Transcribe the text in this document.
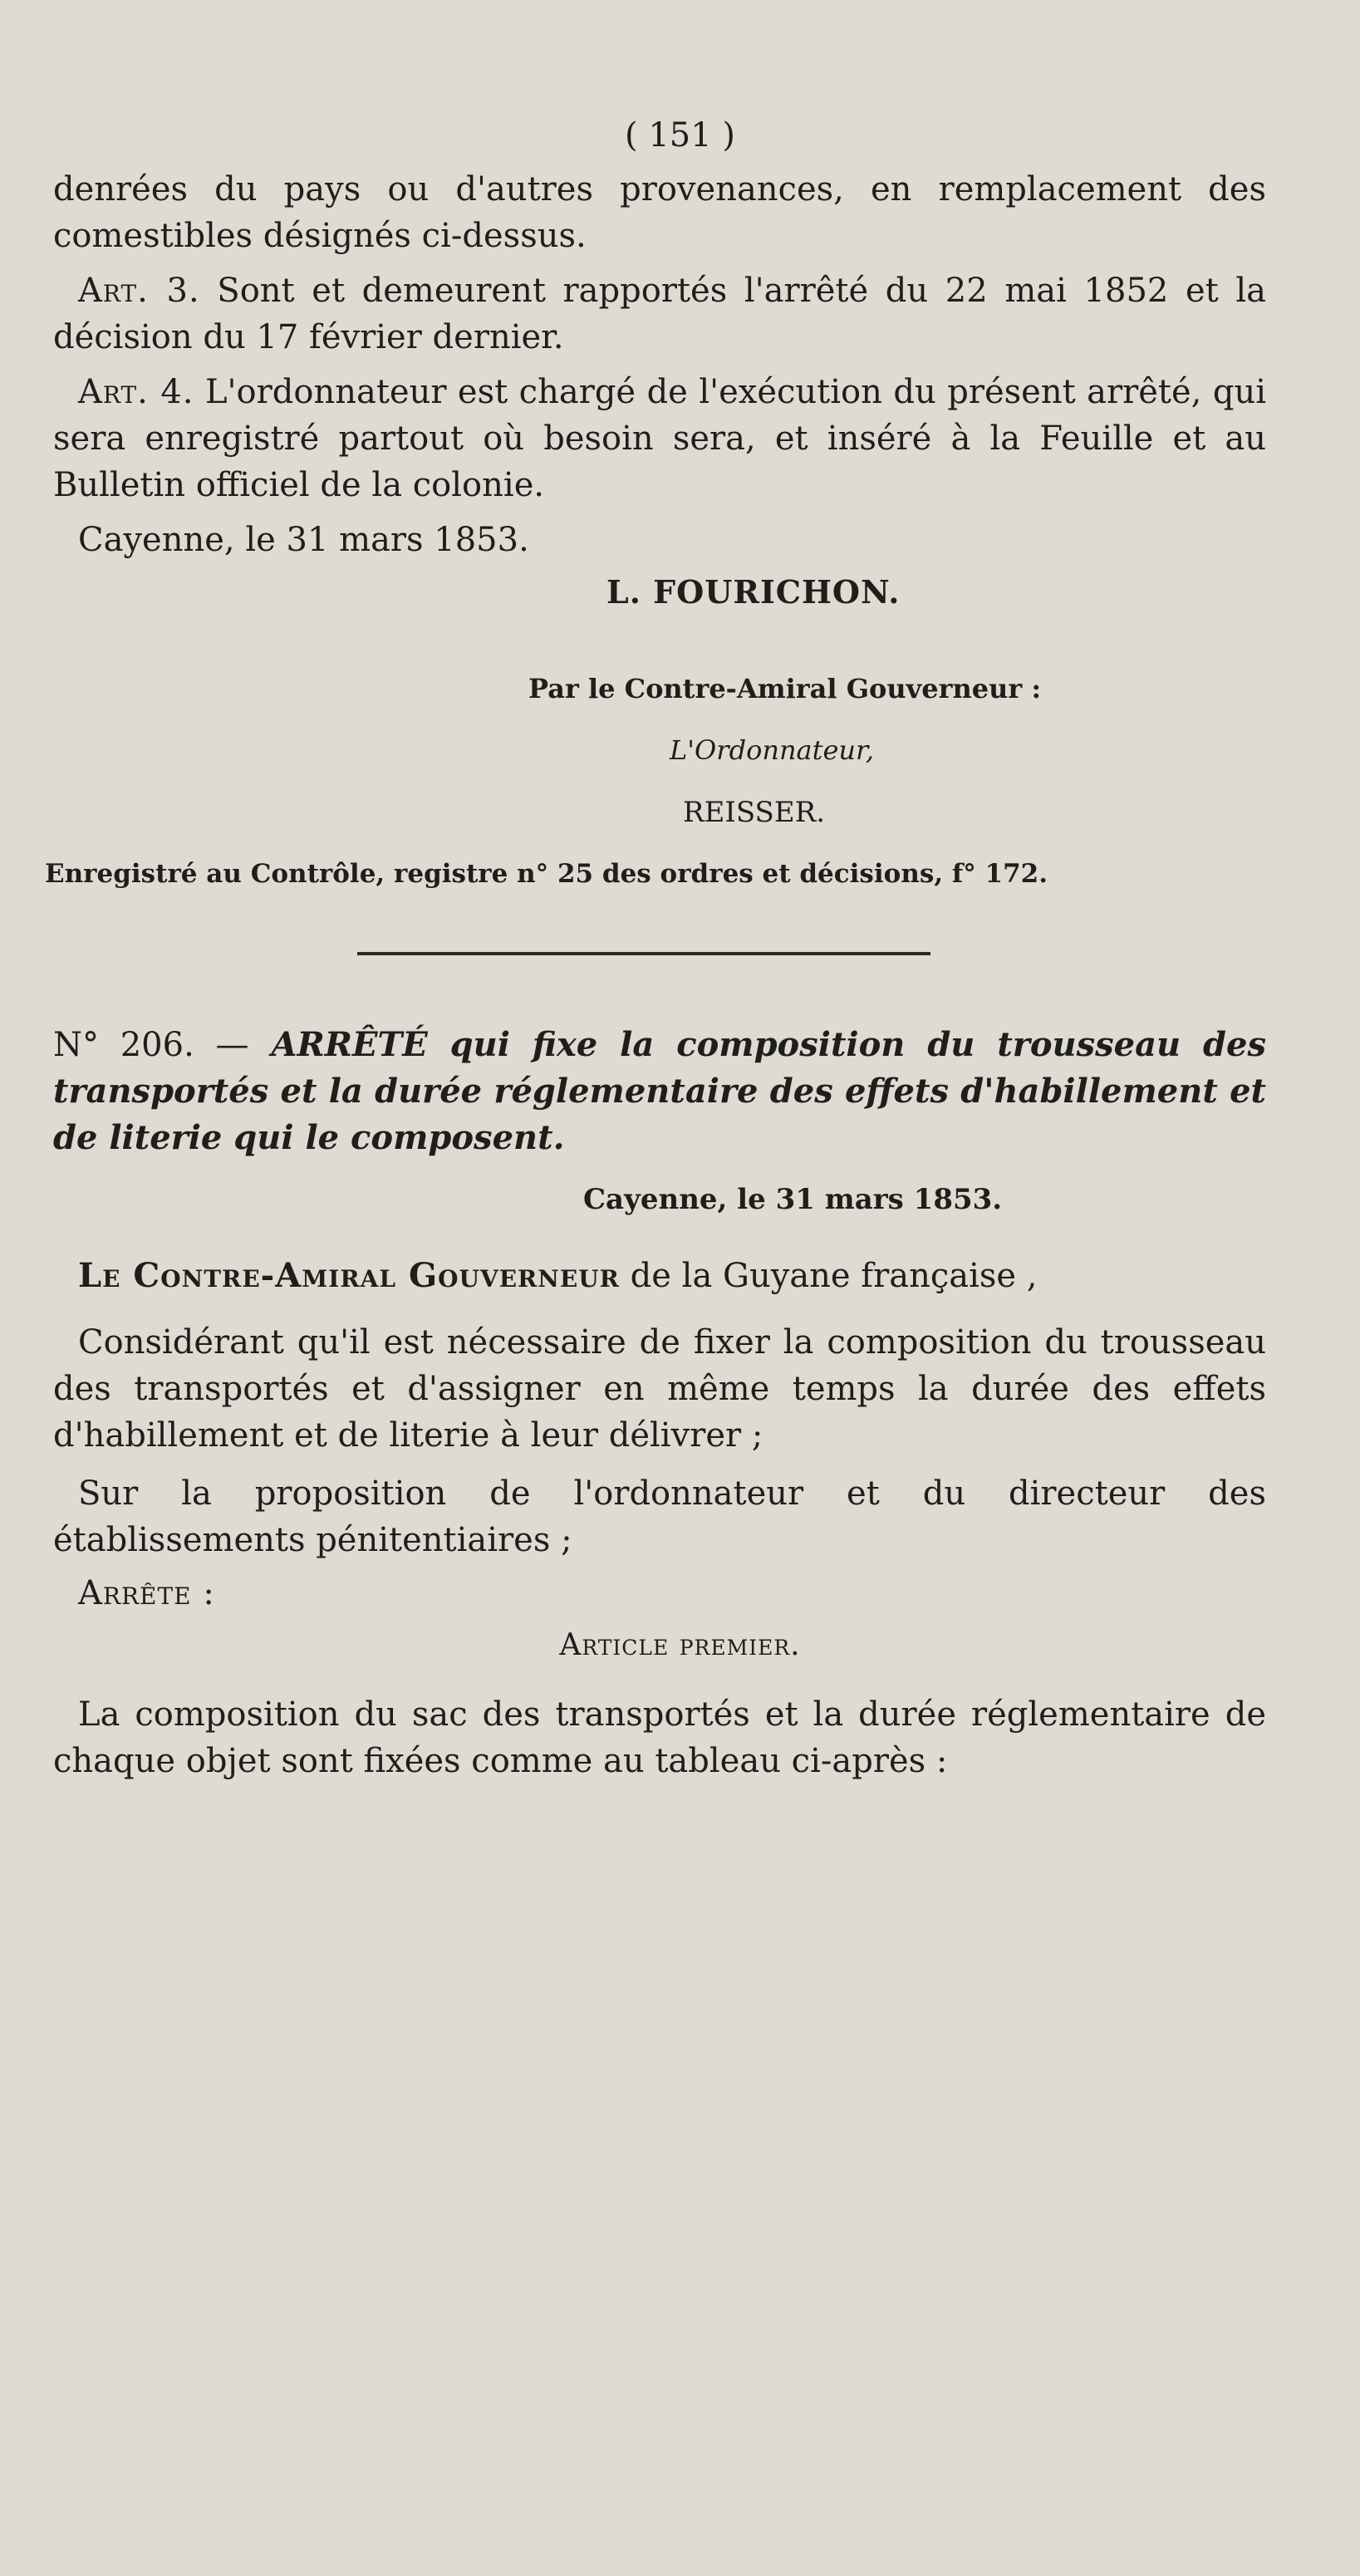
( 151 )

denrées du pays ou d'autres provenances, en remplacement des comestibles désignés ci-dessus.

Art. 3. Sont et demeurent rapportés l'arrêté du 22 mai 1852 et la décision du 17 février dernier.

Art. 4. L'ordonnateur est chargé de l'exécution du présent arrêté, qui sera enregistré partout où besoin sera, et inséré à la Feuille et au Bulletin officiel de la colonie.

Cayenne, le 31 mars 1853.

L. FOURICHON.
Par le Contre-Amiral Gouverneur :
L'Ordonnateur,
REISSER.
Enregistré au Contrôle, registre n° 25 des ordres et décisions, f° 172.

N° 206. — ARRÊTÉ qui fixe la composition du trousseau des transportés et la durée réglementaire des effets d'habillement et de literie qui le composent.

Cayenne, le 31 mars 1853.

Le Contre-Amiral Gouverneur de la Guyane française ,

Considérant qu'il est nécessaire de fixer la composition du trousseau des transportés et d'assigner en même temps la durée des effets d'habillement et de literie à leur délivrer ;

Sur la proposition de l'ordonnateur et du directeur des établissements pénitentiaires ;

Arrête :

Article premier.

La composition du sac des transportés et la durée réglementaire de chaque objet sont fixées comme au tableau ci-après :
